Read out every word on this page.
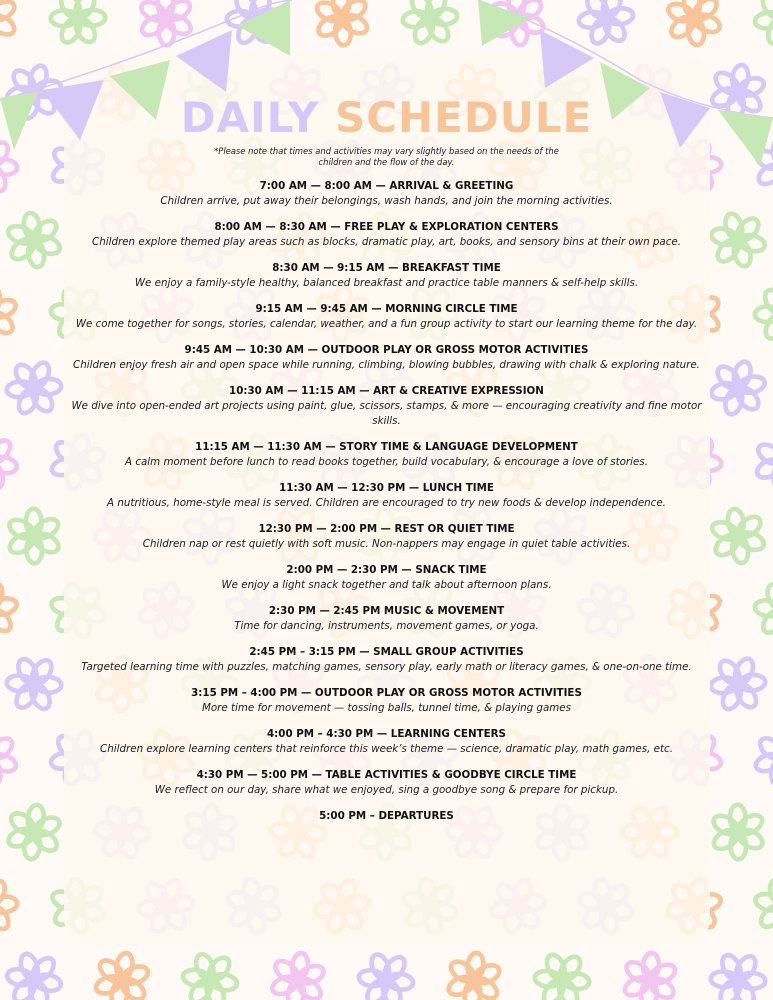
DAILY SCHEDULE
*Please note that times and activities may vary slightly based on the needs of the children and the flow of the day.
7:00 AM — 8:00 AM — ARRIVAL & GREETING
Children arrive, put away their belongings, wash hands, and join the morning activities.
8:00 AM — 8:30 AM — FREE PLAY & EXPLORATION CENTERS
Children explore themed play areas such as blocks, dramatic play, art, books, and sensory bins at their own pace.
8:30 AM — 9:15 AM — BREAKFAST TIME
We enjoy a family-style healthy, balanced breakfast and practice table manners & self-help skills.
9:15 AM — 9:45 AM — MORNING CIRCLE TIME
We come together for songs, stories, calendar, weather, and a fun group activity to start our learning theme for the day.
9:45 AM — 10:30 AM — OUTDOOR PLAY OR GROSS MOTOR ACTIVITIES
Children enjoy fresh air and open space while running, climbing, blowing bubbles, drawing with chalk & exploring nature.
10:30 AM — 11:15 AM — ART & CREATIVE EXPRESSION
We dive into open-ended art projects using paint, glue, scissors, stamps, & more — encouraging creativity and fine motor skills.
11:15 AM — 11:30 AM — STORY TIME & LANGUAGE DEVELOPMENT
A calm moment before lunch to read books together, build vocabulary, & encourage a love of stories.
11:30 AM — 12:30 PM — LUNCH TIME
A nutritious, home-style meal is served. Children are encouraged to try new foods & develop independence.
12:30 PM — 2:00 PM — REST OR QUIET TIME
Children nap or rest quietly with soft music. Non-nappers may engage in quiet table activities.
2:00 PM — 2:30 PM — SNACK TIME
We enjoy a light snack together and talk about afternoon plans.
2:30 PM — 2:45 PM MUSIC & MOVEMENT
Time for dancing, instruments, movement games, or yoga.
2:45 PM – 3:15 PM — SMALL GROUP ACTIVITIES
Targeted learning time with puzzles, matching games, sensory play, early math or literacy games, & one-on-one time.
3:15 PM – 4:00 PM — OUTDOOR PLAY OR GROSS MOTOR ACTIVITIES
More time for movement — tossing balls, tunnel time, & playing games
4:00 PM – 4:30 PM — LEARNING CENTERS
Children explore learning centers that reinforce this week’s theme — science, dramatic play, math games, etc.
4:30 PM — 5:00 PM — TABLE ACTIVITIES & GOODBYE CIRCLE TIME
We reflect on our day, share what we enjoyed, sing a goodbye song & prepare for pickup.
5:00 PM – DEPARTURES
